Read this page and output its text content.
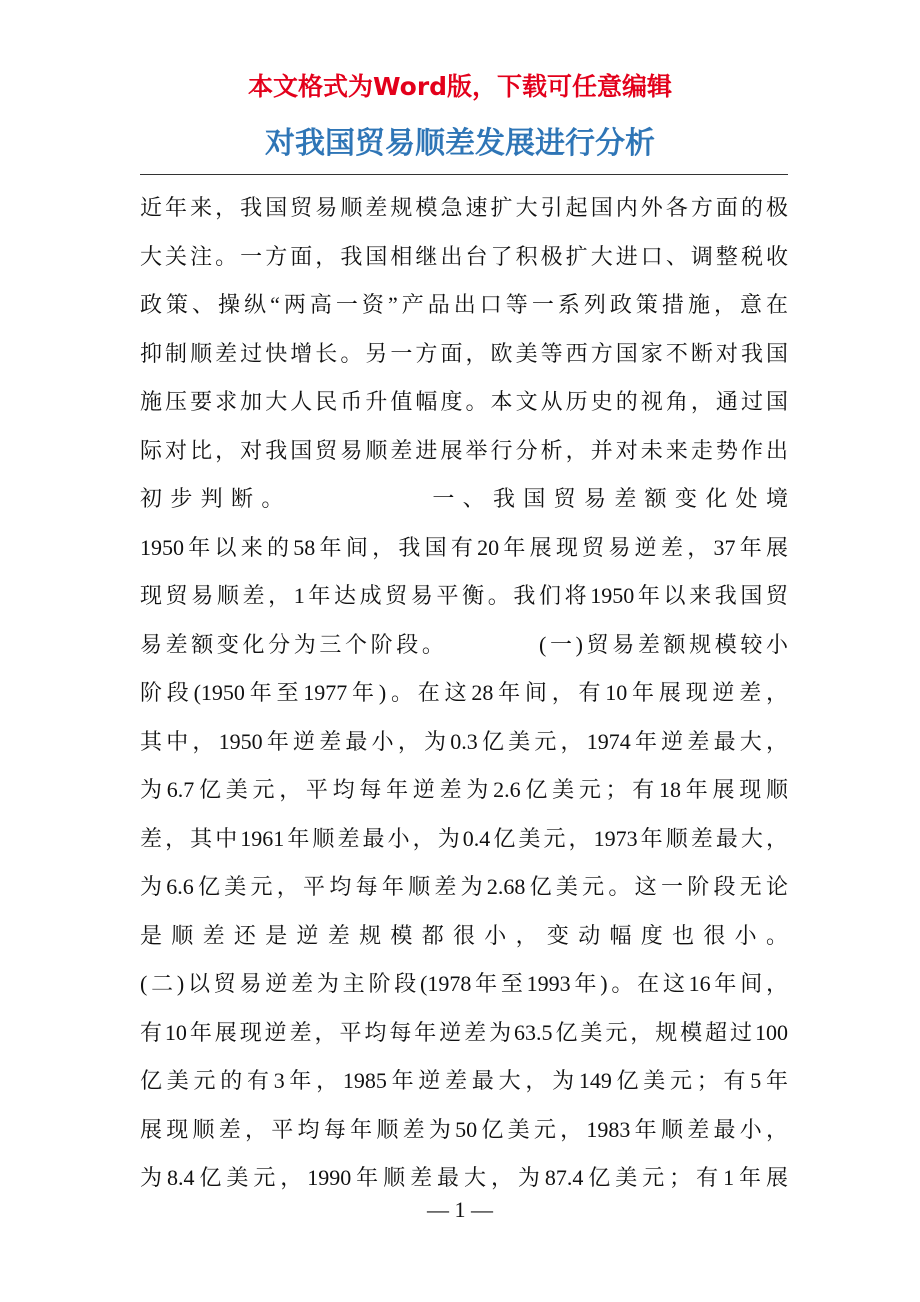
本文格式为Word版，下载可任意编辑
对我国贸易顺差发展进行分析
近年来，我国贸易顺差规模急速扩大引起国内外各方面的极
大关注。一方面，我国相继出台了积极扩大进口、调整税收
政策、操纵“两高一资”产品出口等一系列政策措施，意在
抑制顺差过快增长。另一方面，欧美等西方国家不断对我国
施压要求加大人民币升值幅度。本文从历史的视角，通过国
际对比，对我国贸易顺差进展举行分析，并对未来走势作出
初步判断。　　　　　一、我国贸易差额变化处境
1950年以来的58年间，我国有20年展现贸易逆差，37年展
现贸易顺差，1年达成贸易平衡。我们将1950年以来我国贸
易差额变化分为三个阶段。　　　　(一)贸易差额规模较小
阶段(1950年至1977年)。在这28年间，有10年展现逆差，
其中，1950年逆差最小，为0.3亿美元，1974年逆差最大，
为6.7亿美元，平均每年逆差为2.6亿美元；有18年展现顺
差，其中1961年顺差最小，为0.4亿美元，1973年顺差最大，
为6.6亿美元，平均每年顺差为2.68亿美元。这一阶段无论
是顺差还是逆差规模都很小，变动幅度也很小。
(二)以贸易逆差为主阶段(1978年至1993年)。在这16年间，
有10年展现逆差，平均每年逆差为63.5亿美元，规模超过100
亿美元的有3年，1985年逆差最大，为149亿美元；有5年
展现顺差，平均每年顺差为50亿美元，1983年顺差最小，
为8.4亿美元，1990年顺差最大，为87.4亿美元；有1年展
— 1 —
